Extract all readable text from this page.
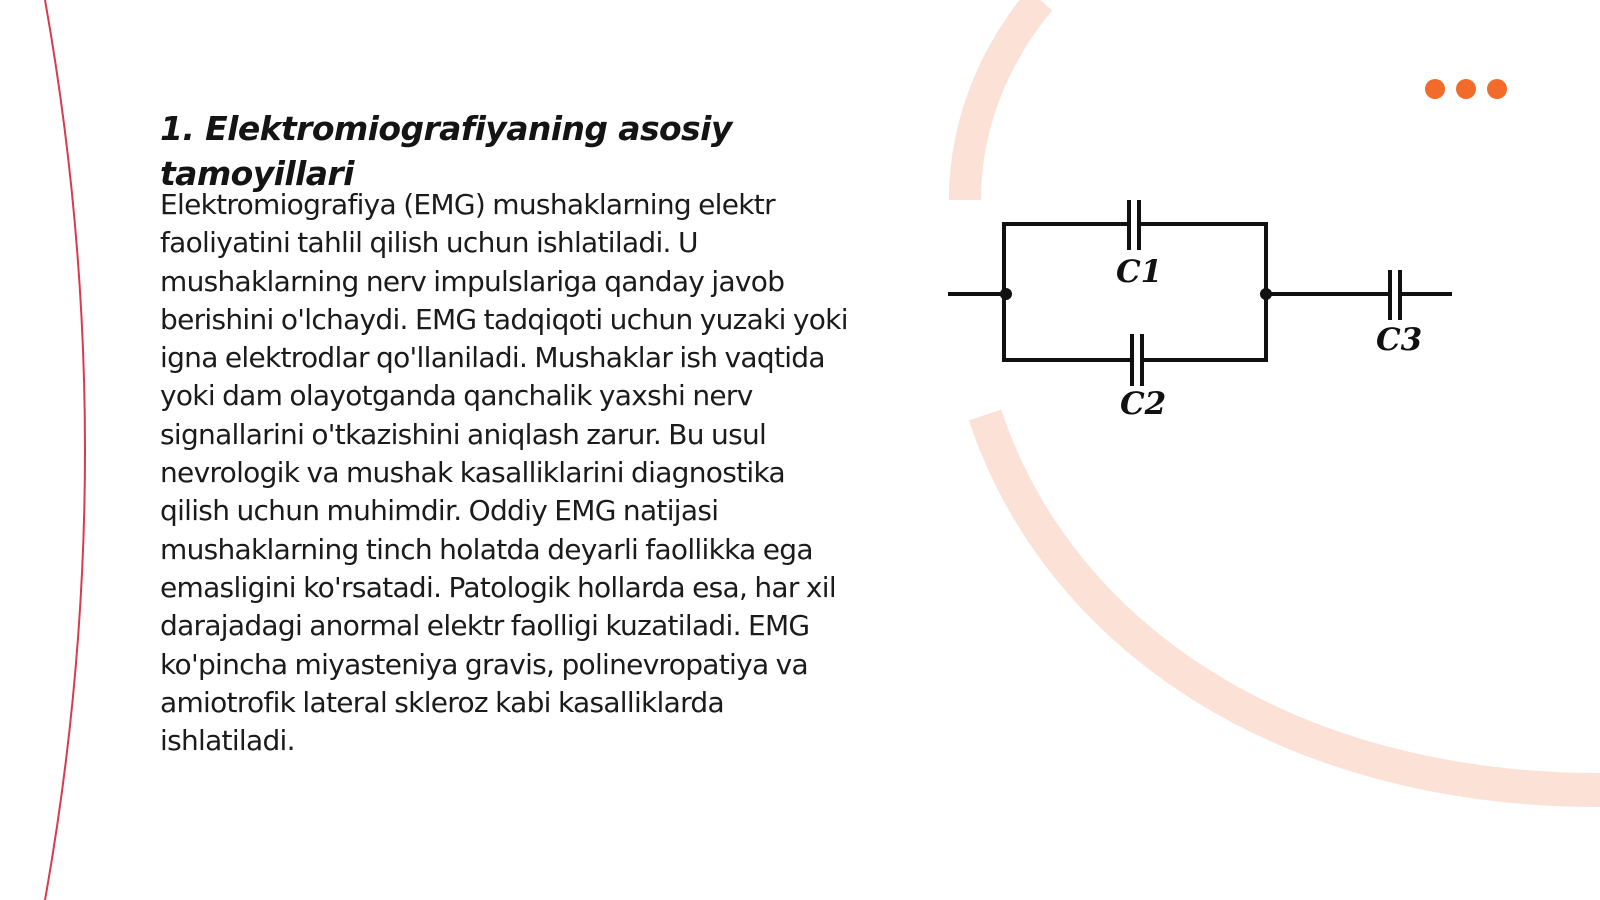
1. Elektromiografiyaning asosiy tamoyillari

Elektromiografiya (EMG) mushaklarning elektr faoliyatini tahlil qilish uchun ishlatiladi. U mushaklarning nerv impulslariga qanday javob berishini o'lchaydi. EMG tadqiqoti uchun yuzaki yoki igna elektrodlar qo'llaniladi. Mushaklar ish vaqtida yoki dam olayotganda qanchalik yaxshi nerv signallarini o'tkazishini aniqlash zarur. Bu usul nevrologik va mushak kasalliklarini diagnostika qilish uchun muhimdir. Oddiy EMG natijasi mushaklarning tinch holatda deyarli faollikka ega emasligini ko'rsatadi. Patologik hollarda esa, har xil darajadagi anormal elektr faolligi kuzatiladi. EMG ko'pincha miyasteniya gravis, polinevropatiya va amiotrofik lateral skleroz kabi kasalliklarda ishlatiladi.

C1
C2
C3
